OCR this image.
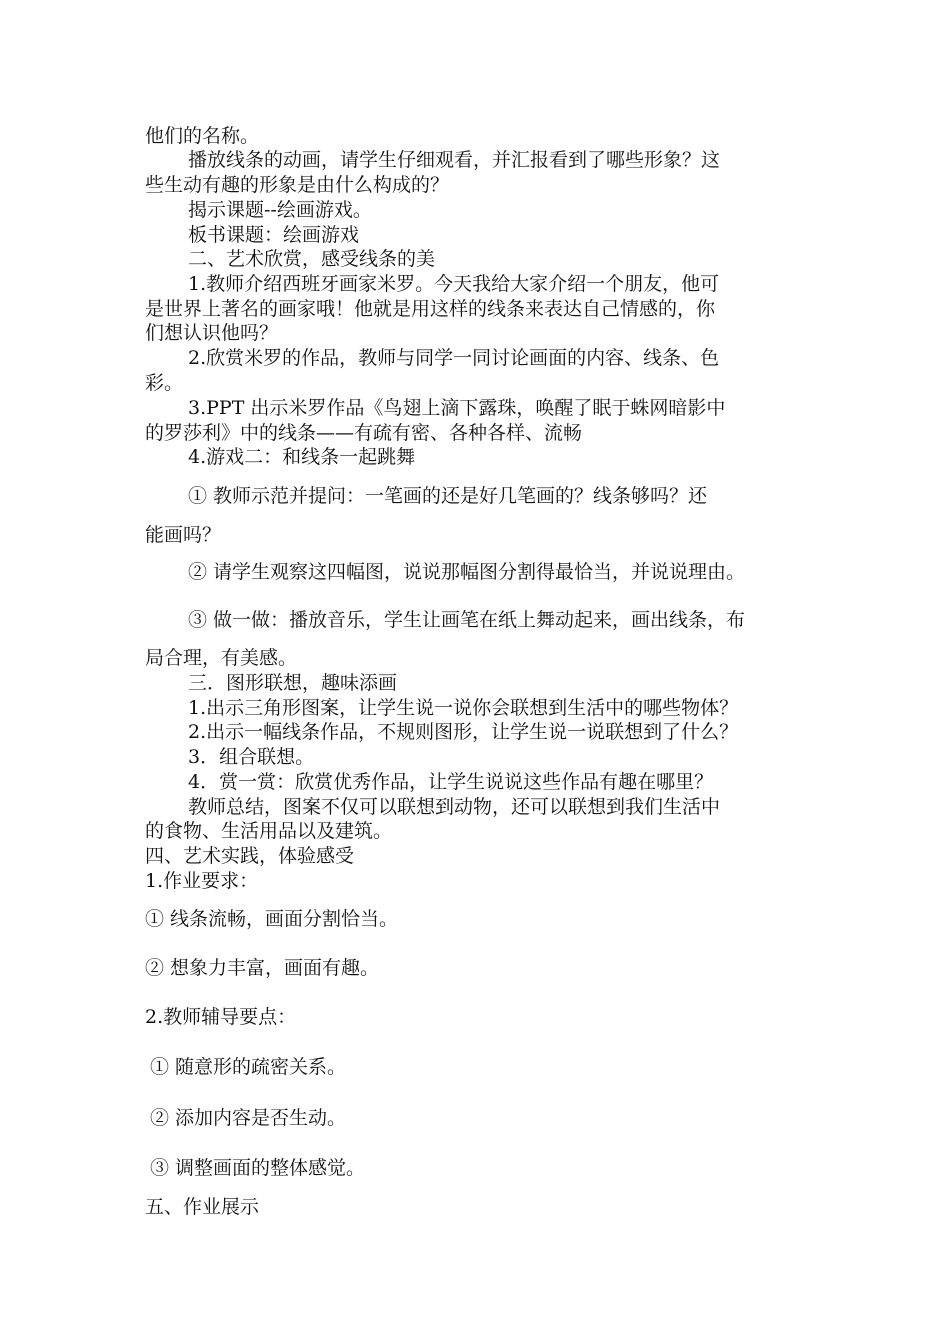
他们的名称。
播放线条的动画，请学生仔细观看，并汇报看到了哪些形象？这
些生动有趣的形象是由什么构成的？
揭示课题--绘画游戏。
板书课题：绘画游戏
二、艺术欣赏，感受线条的美
1.教师介绍西班牙画家米罗。今天我给大家介绍一个朋友，他可
是世界上著名的画家哦！他就是用这样的线条来表达自己情感的，你
们想认识他吗？
2.欣赏米罗的作品，教师与同学一同讨论画面的内容、线条、色
彩。
3.PPT 出示米罗作品《鸟翅上滴下露珠，唤醒了眠于蛛网暗影中
的罗莎利》中的线条——有疏有密、各种各样、流畅
4.游戏二：和线条一起跳舞
① 教师示范并提问：一笔画的还是好几笔画的？线条够吗？还
能画吗？
② 请学生观察这四幅图，说说那幅图分割得最恰当，并说说理由。
③ 做一做：播放音乐，学生让画笔在纸上舞动起来，画出线条，布
局合理，有美感。
三．图形联想，趣味添画
1.出示三角形图案，让学生说一说你会联想到生活中的哪些物体？
2.出示一幅线条作品，不规则图形，让学生说一说联想到了什么？
3．组合联想。
4．赏一赏：欣赏优秀作品，让学生说说这些作品有趣在哪里？
教师总结，图案不仅可以联想到动物，还可以联想到我们生活中
的食物、生活用品以及建筑。
四、艺术实践，体验感受
1.作业要求：
① 线条流畅，画面分割恰当。
② 想象力丰富，画面有趣。
2.教师辅导要点：
① 随意形的疏密关系。
② 添加内容是否生动。
③ 调整画面的整体感觉。
五、作业展示
